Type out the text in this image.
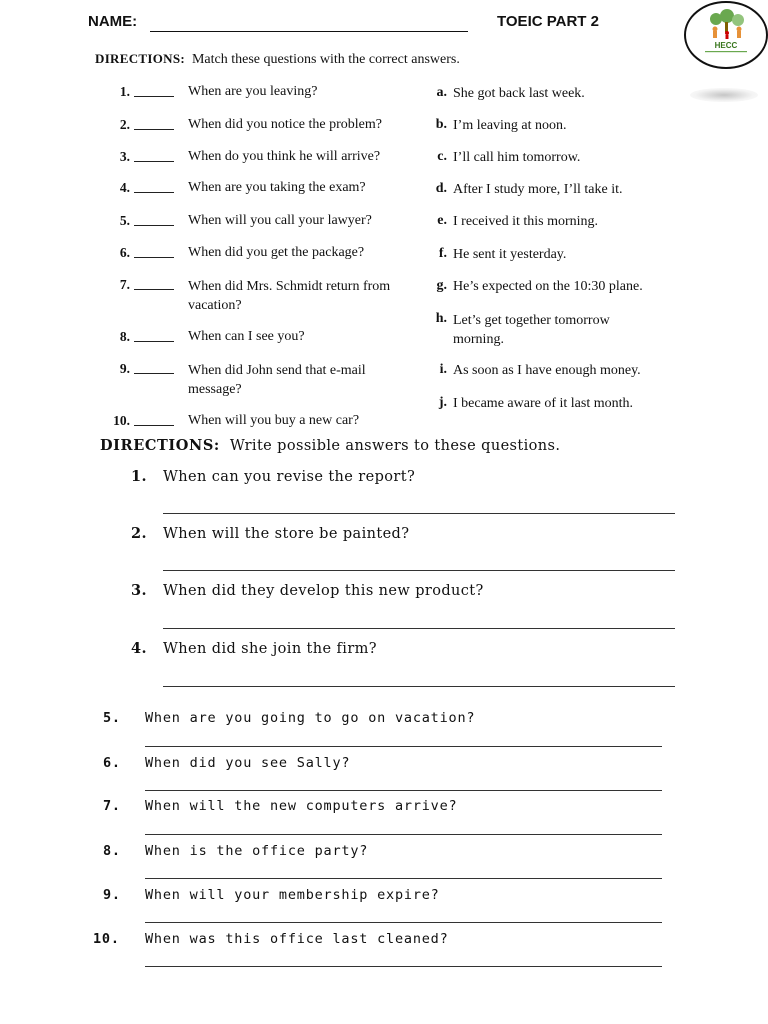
NAME:	TOEIC PART 2
HECC
DIRECTIONS: Match these questions with the correct answers.
1.	When are you leaving?
2.	When did you notice the problem?
3.	When do you think he will arrive?
4.	When are you taking the exam?
5.	When will you call your lawyer?
6.	When did you get the package?
7.	When did Mrs. Schmidt return from vacation?
8.	When can I see you?
9.	When did John send that e-mail message?
10.	When will you buy a new car?
a. She got back last week.
b. I’m leaving at noon.
c. I’ll call him tomorrow.
d. After I study more, I’ll take it.
e. I received it this morning.
f. He sent it yesterday.
g. He’s expected on the 10:30 plane.
h. Let’s get together tomorrow morning.
i. As soon as I have enough money.
j. I became aware of it last month.
DIRECTIONS: Write possible answers to these questions.
1. When can you revise the report?
2. When will the store be painted?
3. When did they develop this new product?
4. When did she join the firm?
5. When are you going to go on vacation?
6. When did you see Sally?
7. When will the new computers arrive?
8. When is the office party?
9. When will your membership expire?
10. When was this office last cleaned?
